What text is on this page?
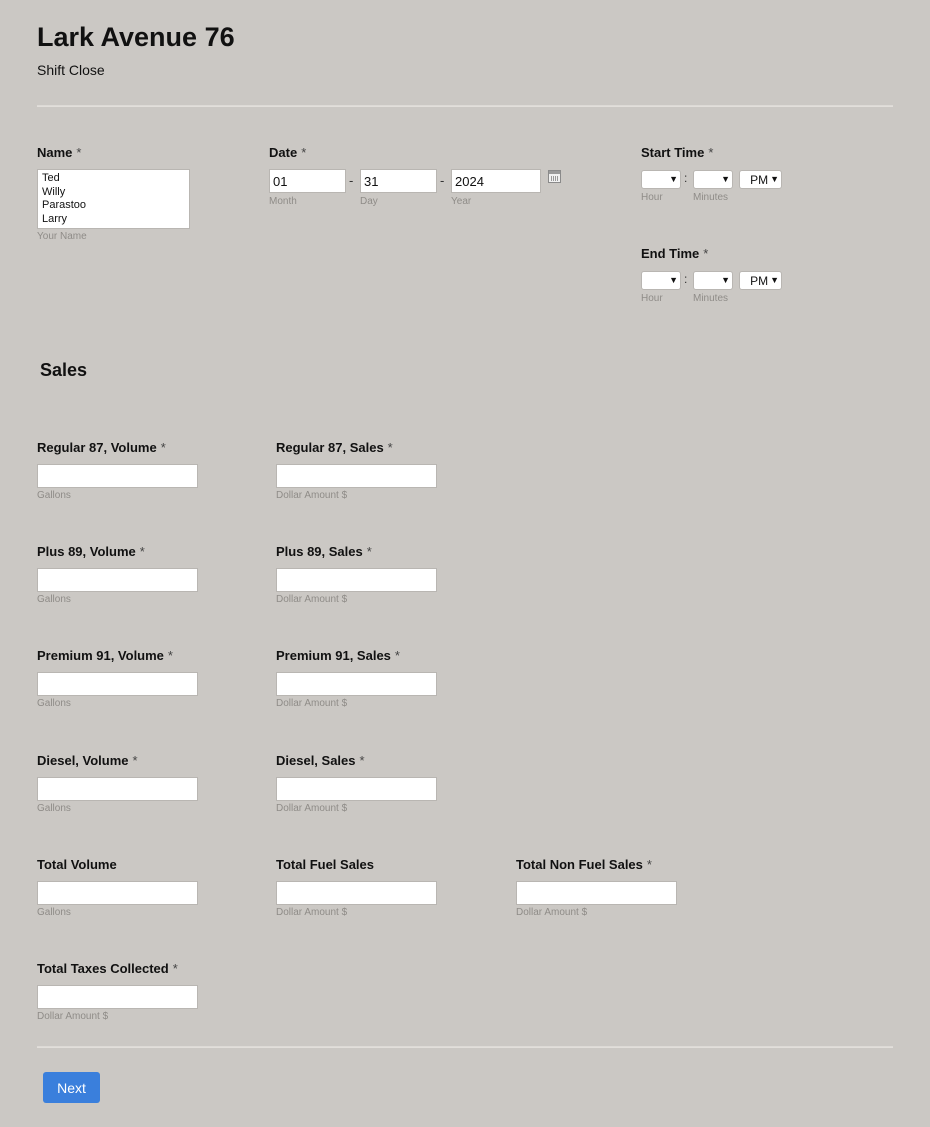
Lark Avenue 76
Shift Close
Name *
Ted
Willy
Parastoo
Larry
Your Name
Date *
01
-
31	-
2024
Month	Day	Year
Start Time *
▼ :	▼ PM ▼
Hour	Minutes
End Time *
▼ :	▼ PM ▼
Hour	Minutes
Sales
Regular 87, Volume *
Gallons
Regular 87, Sales *
Dollar Amount $
Plus 89, Volume *
Gallons
Plus 89, Sales *
Dollar Amount $
Premium 91, Volume *
Gallons
Premium 91, Sales *
Dollar Amount $
Diesel, Volume *
Gallons
Diesel, Sales *
Dollar Amount $
Total Volume
Gallons
Total Fuel Sales
Dollar Amount $
Total Non Fuel Sales *
Dollar Amount $
Total Taxes Collected *
Dollar Amount $
Next
